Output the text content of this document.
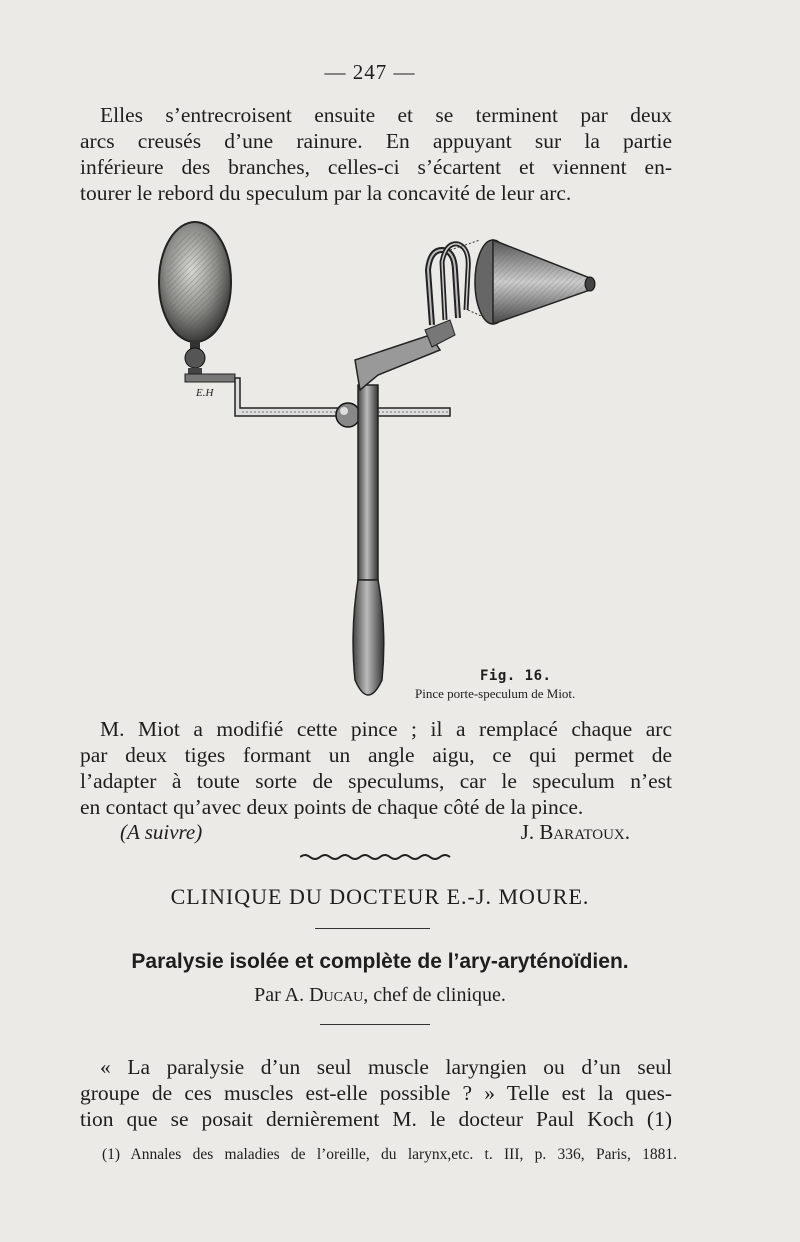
— 247 —
Elles s’entrecroisent ensuite et se terminent par deux
arcs creusés d’une rainure. En appuyant sur la partie
inférieure des branches, celles-ci s’écartent et viennent en-
tourer le rebord du speculum par la concavité de leur arc.
E.H
Fig. 16.
Pince porte-speculum de Miot.
M. Miot a modifié cette pince ; il a remplacé chaque arc
par deux tiges formant un angle aigu, ce qui permet de
l’adapter à toute sorte de speculums, car le speculum n’est
en contact qu’avec deux points de chaque côté de la pince.
(A suivre)	J. Baratoux.
CLINIQUE DU DOCTEUR E.-J. MOURE.
Paralysie isolée et complète de l’ary-aryténoïdien.
Par A. Ducau, chef de clinique.
« La paralysie d’un seul muscle laryngien ou d’un seul
groupe de ces muscles est-elle possible ? » Telle est la ques-
tion que se posait dernièrement M. le docteur Paul Koch (1)
(1) Annales des maladies de l’oreille, du larynx,etc. t. III, p. 336, Paris, 1881.
